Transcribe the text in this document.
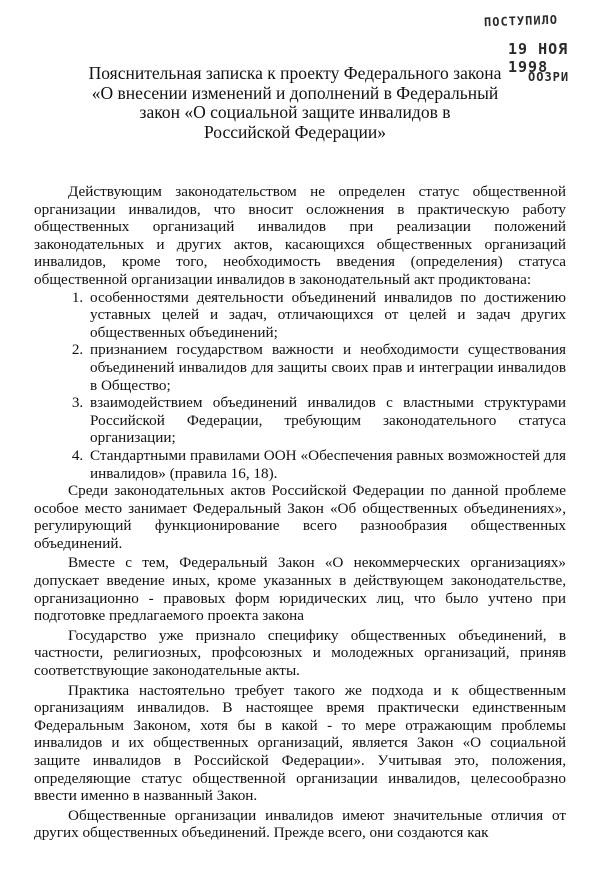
ПОСТУПИЛО
19 НОЯ 1998
ООЗРИ
Пояснительная записка к проекту Федерального закона
«О внесении изменений и дополнений в Федеральный
закон «О социальной защите инвалидов в
Российской Федерации»

Действующим законодательством не определен статус общественной организации инвалидов, что вносит осложнения в практическую работу общественных организаций инвалидов при реализации положений законодательных и других актов, касающихся общественных организаций инвалидов, кроме того, необходимость введения (определения) статуса общественной организации инвалидов в законодательный акт продиктована:

1. особенностями деятельности объединений инвалидов по достижению уставных целей и задач, отличающихся от целей и задач других общественных объединений;
2. признанием государством важности и необходимости существования объединений инвалидов для защиты своих прав и интеграции инвалидов в Общество;
3. взаимодействием объединений инвалидов с властными структурами Российской Федерации, требующим законодательного статуса организации;
4. Стандартными правилами ООН «Обеспечения равных возможностей для инвалидов» (правила 16, 18).

Среди законодательных актов Российской Федерации по данной проблеме особое место занимает Федеральный Закон «Об общественных объединениях», регулирующий функционирование всего разнообразия общественных объединений.

Вместе с тем, Федеральный Закон «О некоммерческих организациях» допускает введение иных, кроме указанных в действующем законодательстве, организационно - правовых форм юридических лиц, что было учтено при подготовке предлагаемого проекта закона

Государство уже признало специфику общественных объединений, в частности, религиозных, профсоюзных и молодежных организаций, приняв соответствующие законодательные акты.

Практика настоятельно требует такого же подхода и к общественным организациям инвалидов. В настоящее время практически единственным Федеральным Законом, хотя бы в какой - то мере отражающим проблемы инвалидов и их общественных организаций, является Закон «О социальной защите инвалидов в Российской Федерации». Учитывая это, положения, определяющие статус общественной организации инвалидов, целесообразно ввести именно в названный Закон.

Общественные организации инвалидов имеют значительные отличия от других общественных объединений. Прежде всего, они создаются как
